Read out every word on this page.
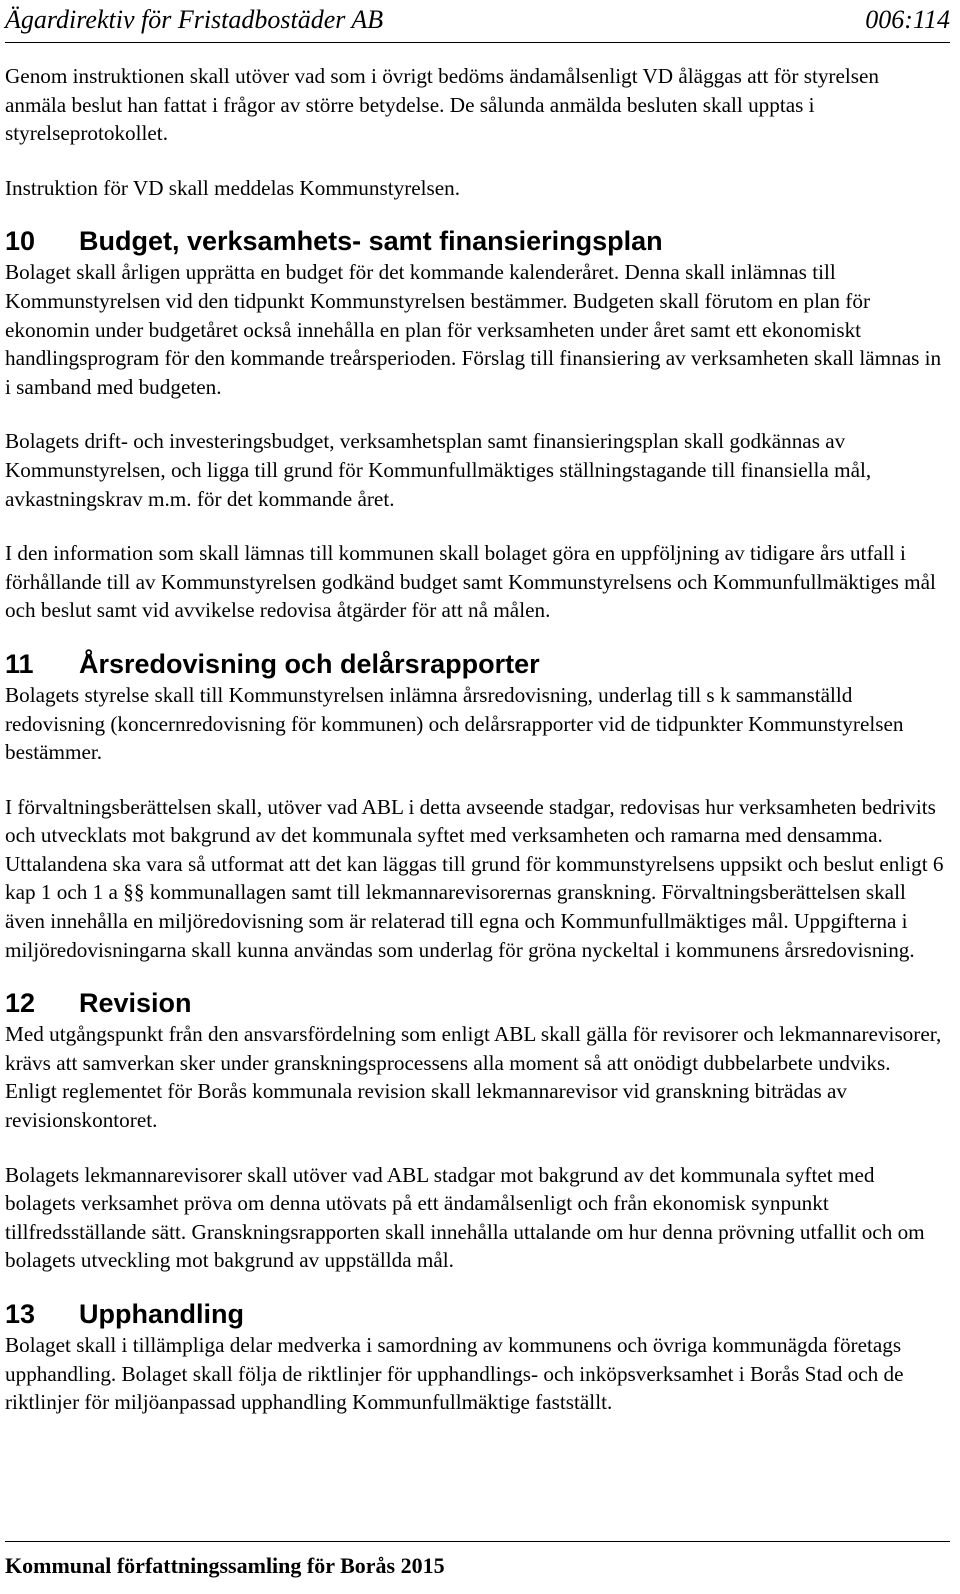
Ägardirektiv för Fristadbostäder AB	006:114

Genom instruktionen skall utöver vad som i övrigt bedöms ändamålsenligt VD åläggas att för styrelsen anmäla beslut han fattat i frågor av större betydelse. De sålunda anmälda besluten skall upptas i styrelseprotokollet.

Instruktion för VD skall meddelas Kommunstyrelsen.

10	Budget, verksamhets- samt finansieringsplan

Bolaget skall årligen upprätta en budget för det kommande kalenderåret. Denna skall inlämnas till Kommunstyrelsen vid den tidpunkt Kommunstyrelsen bestämmer. Budgeten skall förutom en plan för ekonomin under budgetåret också innehålla en plan för verksamheten under året samt ett ekonomiskt handlingsprogram för den kommande treårsperioden. Förslag till finansiering av verksamheten skall lämnas in i samband med budgeten.

Bolagets drift- och investeringsbudget, verksamhetsplan samt finansieringsplan skall godkännas av Kommunstyrelsen, och ligga till grund för Kommunfullmäktiges ställningstagande till finansiella mål, avkastningskrav m.m. för det kommande året.

I den information som skall lämnas till kommunen skall bolaget göra en uppföljning av tidigare års utfall i förhållande till av Kommunstyrelsen godkänd budget samt Kommunstyrelsens och Kommunfullmäktiges mål och beslut samt vid avvikelse redovisa åtgärder för att nå målen.

11	Årsredovisning och delårsrapporter

Bolagets styrelse skall till Kommunstyrelsen inlämna årsredovisning, underlag till s k sammanställd redovisning (koncernredovisning för kommunen) och delårsrapporter vid de tidpunkter Kommunstyrelsen bestämmer.

I förvaltningsberättelsen skall, utöver vad ABL i detta avseende stadgar, redovisas hur verksamheten bedrivits och utvecklats mot bakgrund av det kommunala syftet med verksamheten och ramarna med densamma. Uttalandena ska vara så utformat att det kan läggas till grund för kommunstyrelsens uppsikt och beslut enligt 6 kap 1 och 1 a §§ kommunallagen samt till lekmannarevisorernas granskning. Förvaltningsberättelsen skall även innehålla en miljöredovisning som är relaterad till egna och Kommunfullmäktiges mål. Uppgifterna i miljöredovisningarna skall kunna användas som underlag för gröna nyckeltal i kommunens årsredovisning.

12	Revision

Med utgångspunkt från den ansvarsfördelning som enligt ABL skall gälla för revisorer och lekmannarevisorer, krävs att samverkan sker under granskningsprocessens alla moment så att onödigt dubbelarbete undviks. Enligt reglementet för Borås kommunala revision skall lekmannarevisor vid granskning biträdas av revisionskontoret.

Bolagets lekmannarevisorer skall utöver vad ABL stadgar mot bakgrund av det kommunala syftet med bolagets verksamhet pröva om denna utövats på ett ändamålsenligt och från ekonomisk synpunkt tillfredsställande sätt. Granskningsrapporten skall innehålla uttalande om hur denna prövning utfallit och om bolagets utveckling mot bakgrund av uppställda mål.

13	Upphandling

Bolaget skall i tillämpliga delar medverka i samordning av kommunens och övriga kommunägda företags upphandling. Bolaget skall följa de riktlinjer för upphandlings- och inköpsverksamhet i Borås Stad och de riktlinjer för miljöanpassad upphandling Kommunfullmäktige fastställt.

Kommunal författningssamling för Borås 2015
